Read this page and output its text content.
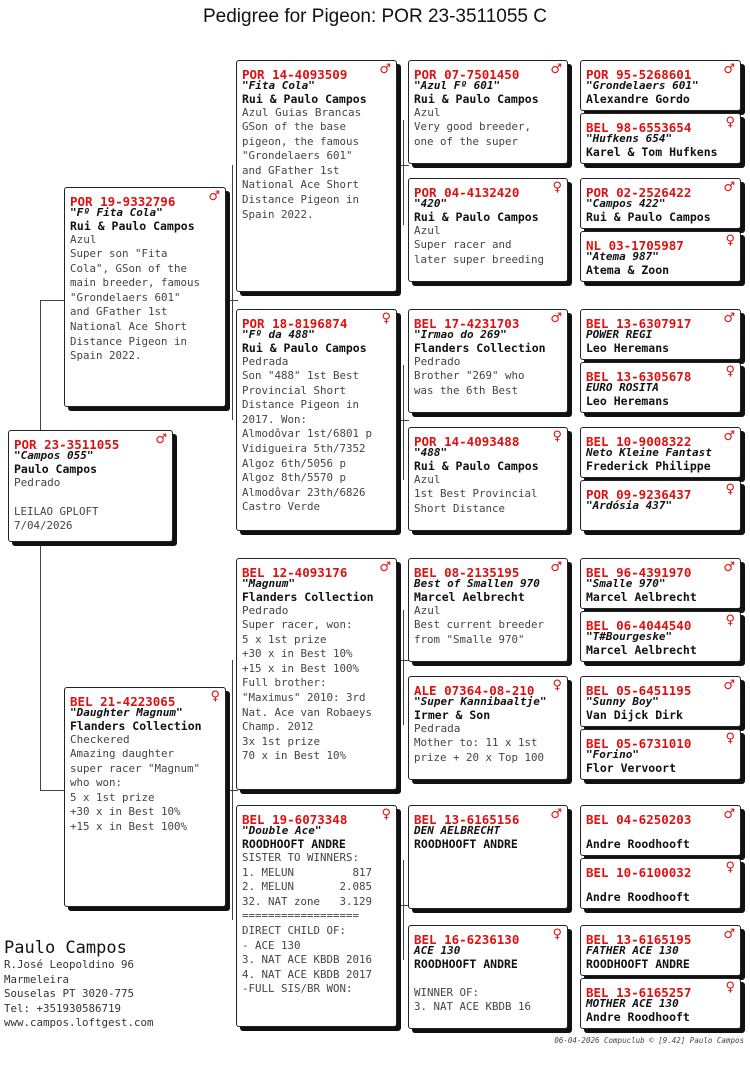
Pedigree for Pigeon: POR 23-3511055 C
POR 23-3511055	♂
"Campos 055"
Paulo Campos
Pedrado

LEILAO GPLOFT
7/04/2026
POR 19-9332796	♂
"Fº Fita Cola"
Rui & Paulo Campos
Azul
Super son "Fita
Cola", GSon of the
main breeder, famous
"Grondelaers 601"
and GFather 1st
National Ace Short
Distance Pigeon in
Spain 2022.
BEL 21-4223065	♀
"Daughter Magnum"
Flanders Collection
Checkered
Amazing daughter
super racer "Magnum"
who won:
5 x 1st prize
+30 x in Best 10%
+15 x in Best 100%
POR 14-4093509 ♂
"Fita Cola"
Rui & Paulo Campos
Azul Guias Brancas
GSon of the base
pigeon, the famous
"Grondelaers 601"
and GFather 1st
National Ace Short
Distance Pigeon in
Spain 2022.
POR 18-8196874	♀
"Fº da 488"
Rui & Paulo Campos
Pedrada
Son "488" 1st Best
Provincial Short
Distance Pigeon in
2017. Won:
Almodôvar 1st/6801 p
Vidigueira 5th/7352
Algoz 6th/5056 p
Algoz 8th/5570 p
Almodôvar 23th/6826
Castro Verde
BEL 12-4093176 ♂
"Magnum"
Flanders Collection
Pedrado
Super racer, won:
5 x 1st prize
+30 x in Best 10%
+15 x in Best 100%
Full brother:
"Maximus" 2010: 3rd
Nat. Ace van Robaeys
Champ. 2012
3x 1st prize
70 x in Best 10%
BEL 19-6073348	♀
"Double Ace"
ROODHOOFT ANDRE
SISTER TO WINNERS:
1. MELUN         817
2. MELUN       2.085
32. NAT zone   3.129
==================
DIRECT CHILD OF:
- ACE 130
3. NAT ACE KBDB 2016
4. NAT ACE KBDB 2017
-FULL SIS/BR WON:
POR 07-7501450 ♂
"Azul Fº 601"
Rui & Paulo Campos
Azul
Very good breeder,
one of the super
POR 04-4132420	♀
"420"
Rui & Paulo Campos
Azul
Super racer and
later super breeding
BEL 17-4231703 ♂
"Irmao do 269"
Flanders Collection
Pedrado
Brother "269" who
was the 6th Best
POR 14-4093488	♀
"488"
Rui & Paulo Campos
Azul
1st Best Provincial
Short Distance
BEL 08-2135195 ♂
Best of Smallen 970
Marcel Aelbrecht
Azul
Best current breeder
from "Smalle 970"
ALE 07364-08-210 ♀
"Super Kannibaaltje"
Irmer & Son
Pedrada
Mother to: 11 x 1st
prize + 20 x Top 100
BEL 13-6165156 ♂
DEN AELBRECHT
ROODHOOFT ANDRE
BEL 16-6236130	♀
ACE 130
ROODHOOFT ANDRE

WINNER OF:
3. NAT ACE KBDB 16
POR 95-5268601 ♂
"Grondelaers 601"
Alexandre Gordo
BEL 98-6553654	♀
"Hufkens 654"
Karel & Tom Hufkens
POR 02-2526422 ♂
"Campos 422"
Rui & Paulo Campos
NL 03-1705987	♀
"Atema 987"
Atema & Zoon
BEL 13-6307917 ♂
POWER REGI
Leo Heremans
BEL 13-6305678	♀
EURO ROSITA
Leo Heremans
BEL 10-9008322 ♂
Neto Kleine Fantast
Frederick Philippe
POR 09-9236437	♀
"Ardósia 437"
BEL 96-4391970 ♂
"Smalle 970"
Marcel Aelbrecht
BEL 06-4044540	♀
"T#Bourgeske"
Marcel Aelbrecht
BEL 05-6451195 ♂
"Sunny Boy"
Van Dijck Dirk
BEL 05-6731010	♀
"Forino"
Flor Vervoort
BEL 04-6250203 ♂
Andre Roodhooft
BEL 10-6100032	♀
Andre Roodhooft
BEL 13-6165195 ♂
FATHER ACE 130
ROODHOOFT ANDRE
BEL 13-6165257	♀
MOTHER ACE 130
Andre Roodhooft
Paulo Campos
R.José Leopoldino 96
Marmeleira
Souselas PT 3020-775
Tel: +351930586719
www.campos.loftgest.com
06-04-2026 Compuclub © [9.42] Paulo Campos
